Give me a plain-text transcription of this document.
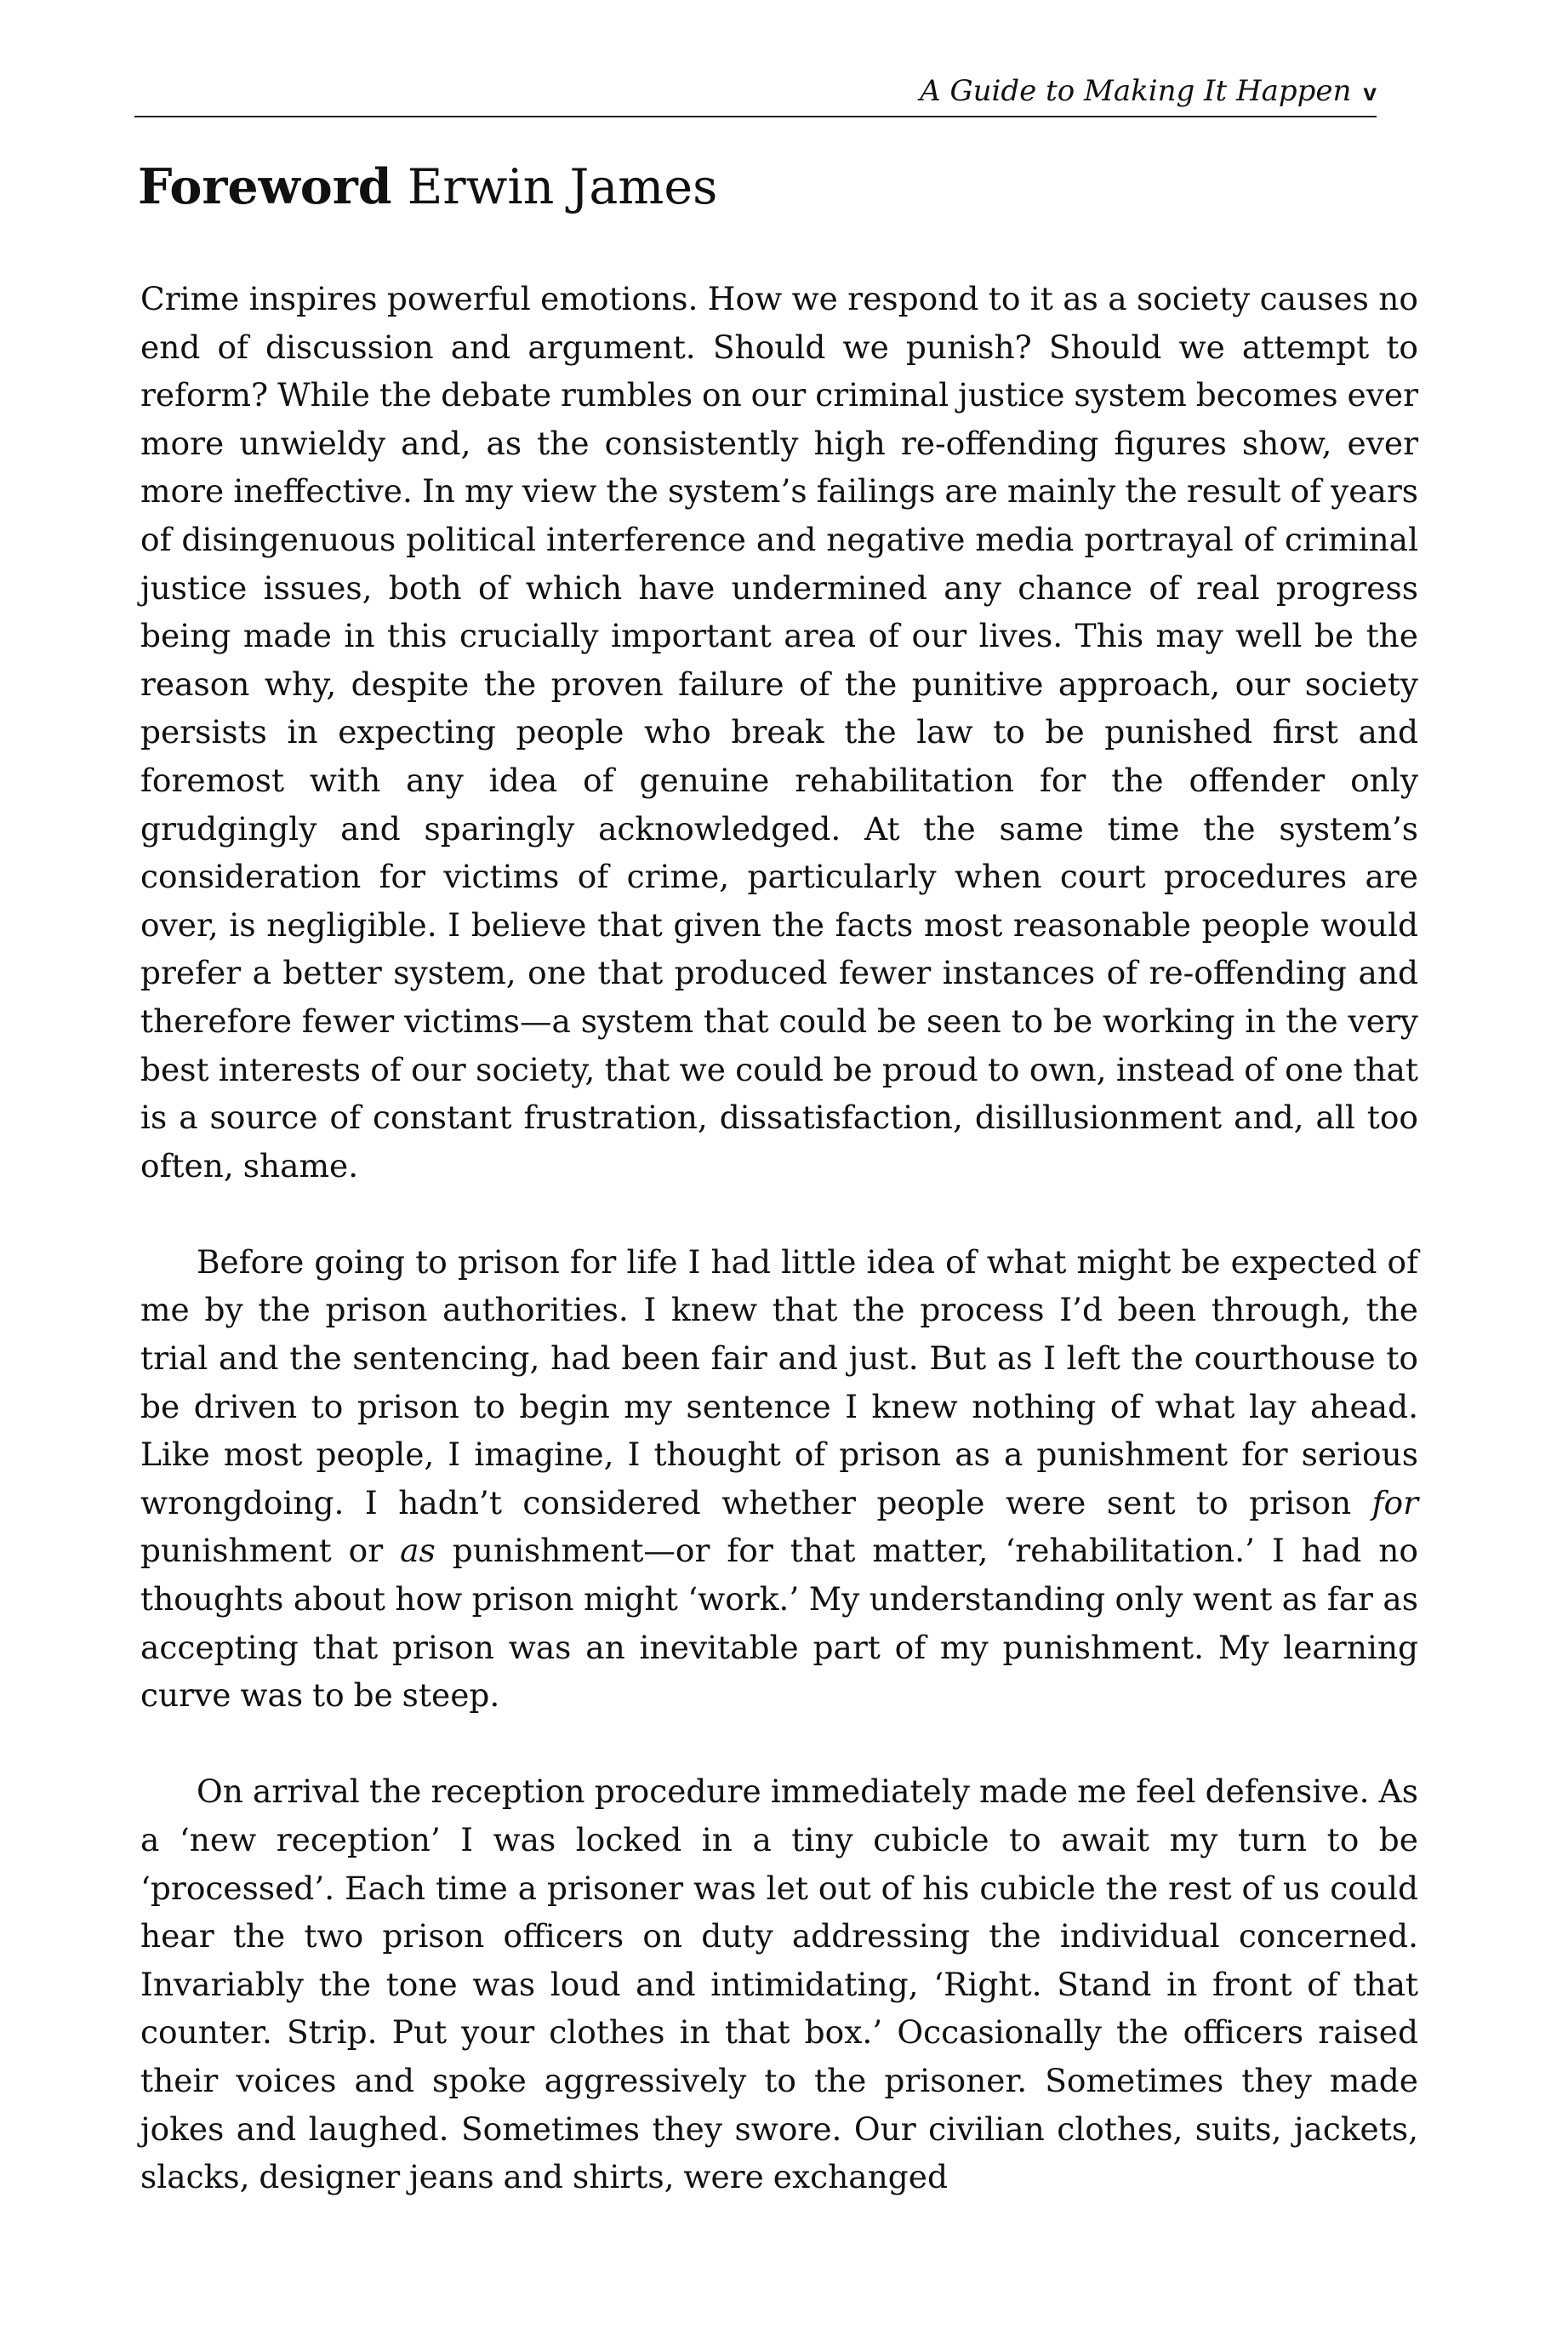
A Guide to Making It Happen v
Foreword Erwin James

Crime inspires powerful emotions. How we respond to it as a society causes no end of discussion and argument. Should we punish? Should we attempt to reform? While the debate rumbles on our criminal justice system becomes ever more unwieldy and, as the consistently high re-offending figures show, ever more ineffective. In my view the system’s failings are mainly the result of years of disingenuous political interference and negative media portrayal of criminal justice issues, both of which have undermined any chance of real progress being made in this crucially important area of our lives. This may well be the reason why, despite the proven failure of the punitive approach, our society persists in expecting people who break the law to be punished first and foremost with any idea of genuine rehabilitation for the offender only grudgingly and sparingly acknowledged. At the same time the system’s consideration for victims of crime, particularly when court procedures are over, is negligible. I believe that given the facts most reasonable people would prefer a better system, one that produced fewer instances of re-offending and therefore fewer victims—a system that could be seen to be working in the very best interests of our society, that we could be proud to own, instead of one that is a source of constant frustration, dissatisfaction, disillusionment and, all too often, shame.

Before going to prison for life I had little idea of what might be expected of me by the prison authorities. I knew that the process I’d been through, the trial and the sentencing, had been fair and just. But as I left the courthouse to be driven to prison to begin my sentence I knew nothing of what lay ahead. Like most people, I imagine, I thought of prison as a punishment for serious wrongdoing. I hadn’t considered whether people were sent to prison for punishment or as punishment—or for that matter, ‘rehabilitation.’ I had no thoughts about how prison might ‘work.’ My understanding only went as far as accepting that prison was an inevitable part of my punishment. My learning curve was to be steep.

On arrival the reception procedure immediately made me feel defensive. As a ‘new reception’ I was locked in a tiny cubicle to await my turn to be ‘processed’. Each time a prisoner was let out of his cubicle the rest of us could hear the two prison officers on duty addressing the individual concerned. Invariably the tone was loud and intimidating, ‘Right. Stand in front of that counter. Strip. Put your clothes in that box.’ Occasionally the officers raised their voices and spoke aggressively to the prisoner. Sometimes they made jokes and laughed. Sometimes they swore. Our civilian clothes, suits, jackets, slacks, designer jeans and shirts, were exchanged
